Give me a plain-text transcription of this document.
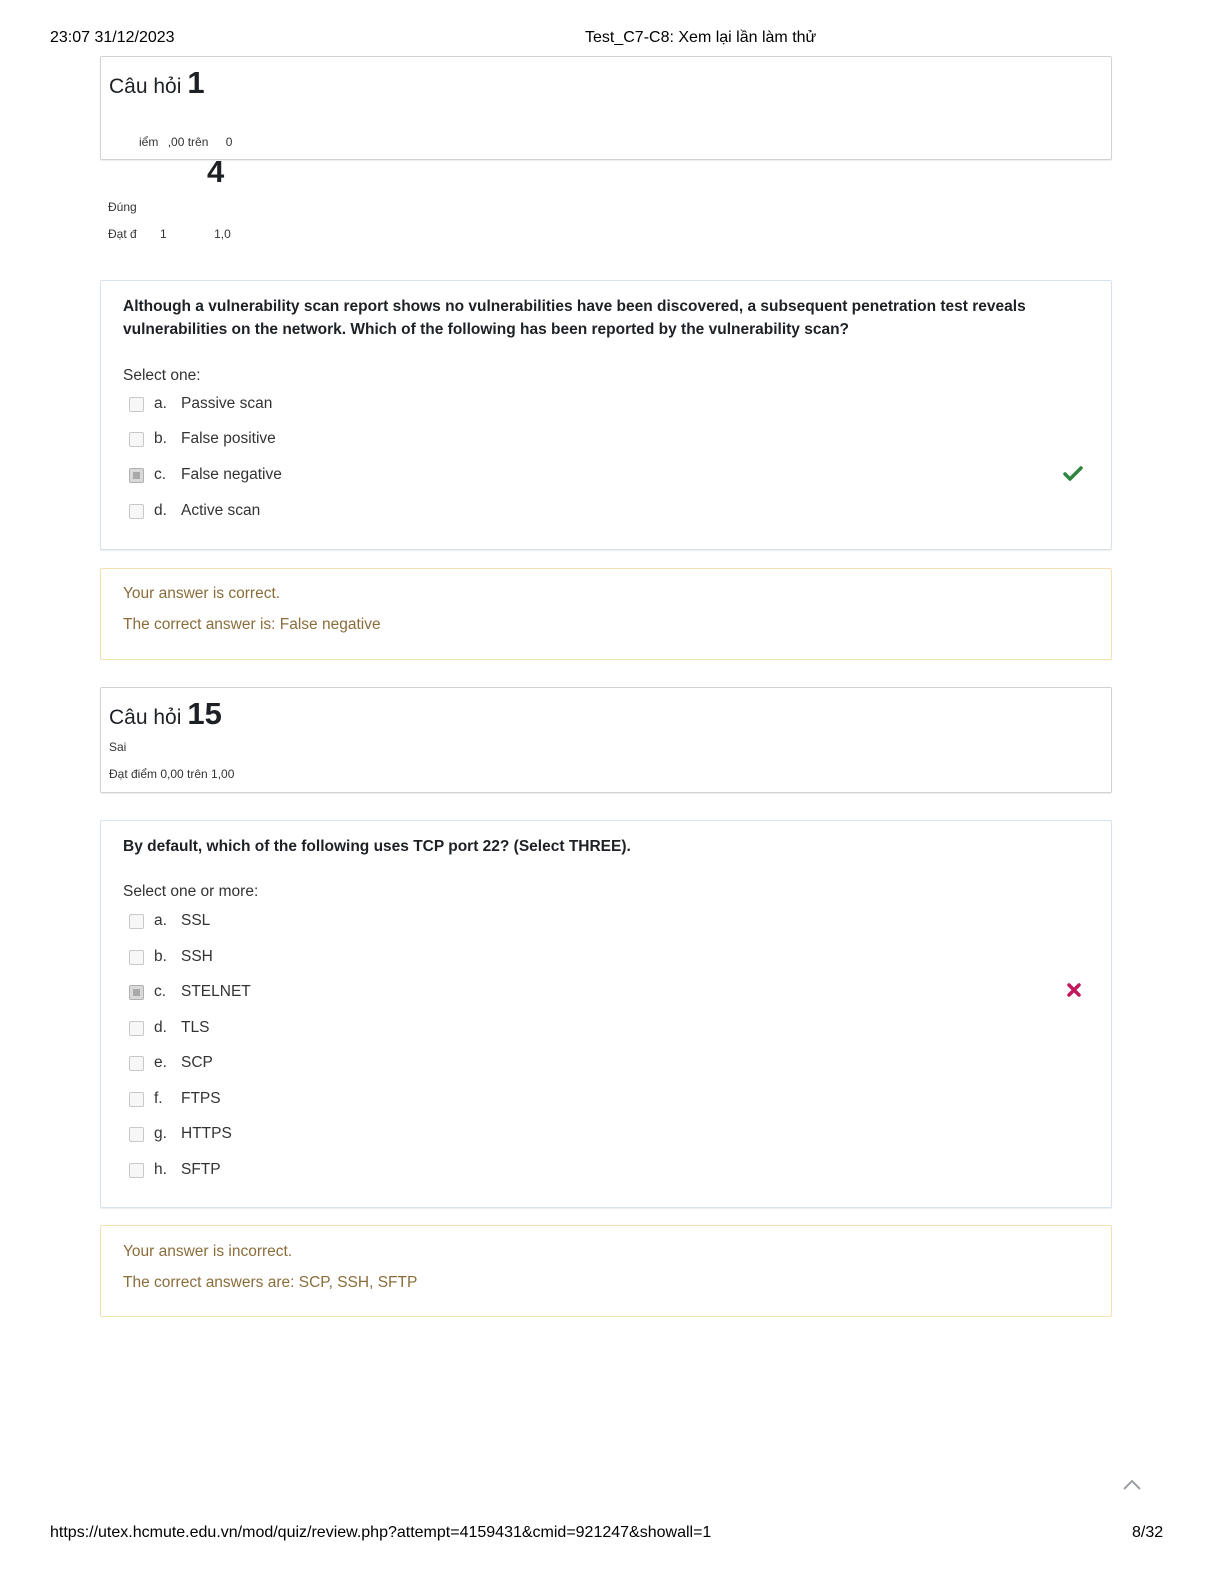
23:07 31/12/2023	Test_C7-C8: Xem lại lần làm thử
Câu hỏi 1
iểm ,00 trên 0
4
Đúng
Đạt đ 1	1,0
Although a vulnerability scan report shows no vulnerabilities have been discovered, a subsequent penetration test reveals vulnerabilities on the network. Which of the following has been reported by the vulnerability scan?
Select one:
a. Passive scan
b. False positive
c. False negative
d. Active scan
Your answer is correct.
The correct answer is: False negative
Câu hỏi 15
Sai
Đạt điểm 0,00 trên 1,00
By default, which of the following uses TCP port 22? (Select THREE).
Select one or more:
a. SSL
b. SSH
c. STELNET
d. TLS
e. SCP
f.	FTPS
g. HTTPS
h. SFTP
Your answer is incorrect.
The correct answers are: SCP, SSH, SFTP
https://utex.hcmute.edu.vn/mod/quiz/review.php?attempt=4159431&cmid=921247&showall=1	8/32
